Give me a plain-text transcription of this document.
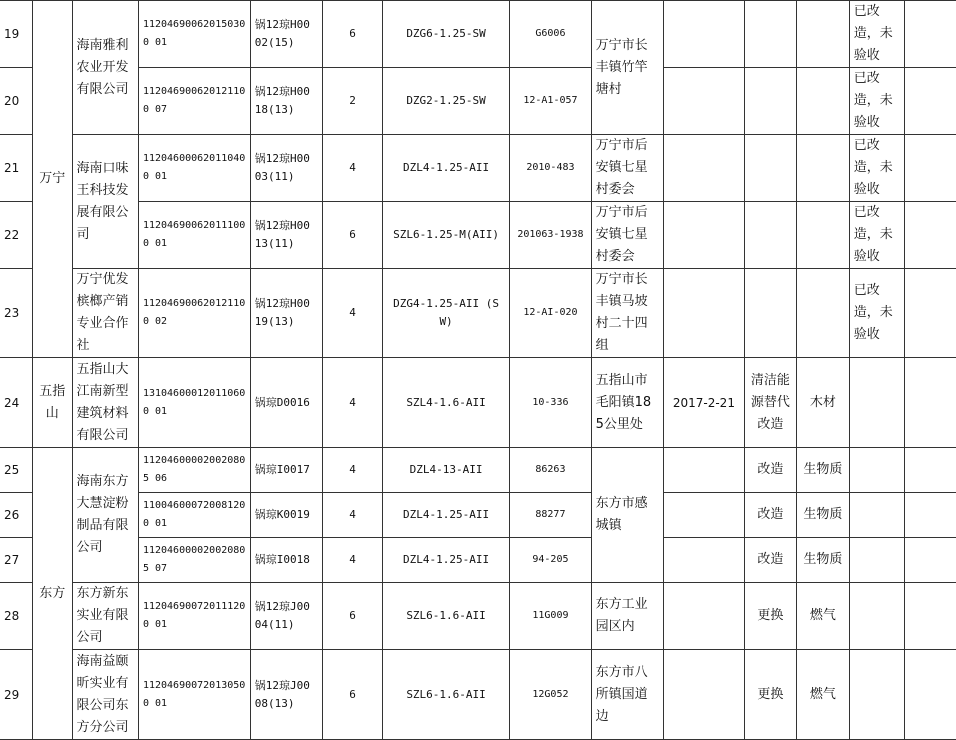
19	万宁	海南雅利农业开发有限公司	112046900620150300 01	锅12琼H00 02(15)	6	DZG6-1.25-SW	G6006	万宁市长丰镇竹竿塘村				已改造，未验收	
20			112046900620121100 07	锅12琼H00 18(13)	2	DZG2-1.25-SW	12-A1-057					已改造，未验收	
21		海南口味王科技发展有限公司	112046000620110400 01	锅12琼H00 03(11)	4	DZL4-1.25-AII	2010-483	万宁市后安镇七星村委会				已改造，未验收	
22			112046900620111000 01	锅12琼H00 13(11)	6	SZL6-1.25-M(AII)	201063-1938	万宁市后安镇七星村委会				已改造，未验收	
23		万宁优发槟榔产销专业合作社	112046900620121100 02	锅12琼H00 19(13)	4	DZG4-1.25-AII (SW)	12-AI-020	万宁市长丰镇马坡村二十四组				已改造，未验收	
24	五指山	五指山大江南新型建筑材料有限公司	131046000120110600 01	锅琼D0016	4	SZL4-1.6-AII	10-336	五指山市毛阳镇185公里处	2017-2-21	清洁能源替代改造	木材		
25	东方	海南东方大慧淀粉制品有限公司	112046000020020805 06	锅琼I0017	4	DZL4-13-AII	86263	东方市感城镇		改造	生物质		
26			110046000720081200 01	锅琼K0019	4	DZL4-1.25-AII	88277			改造	生物质		
27			112046000020020805 07	锅琼I0018	4	DZL4-1.25-AII	94-205			改造	生物质		
28		东方新东实业有限公司	112046900720111200 01	锅12琼J00 04(11)	6	SZL6-1.6-AII	11G009	东方工业园区内		更换	燃气		
29		海南益颐昕实业有限公司东方分公司	112046900720130500 01	锅12琼J00 08(13)	6	SZL6-1.6-AII	12G052	东方市八所镇国道边		更换	燃气		
